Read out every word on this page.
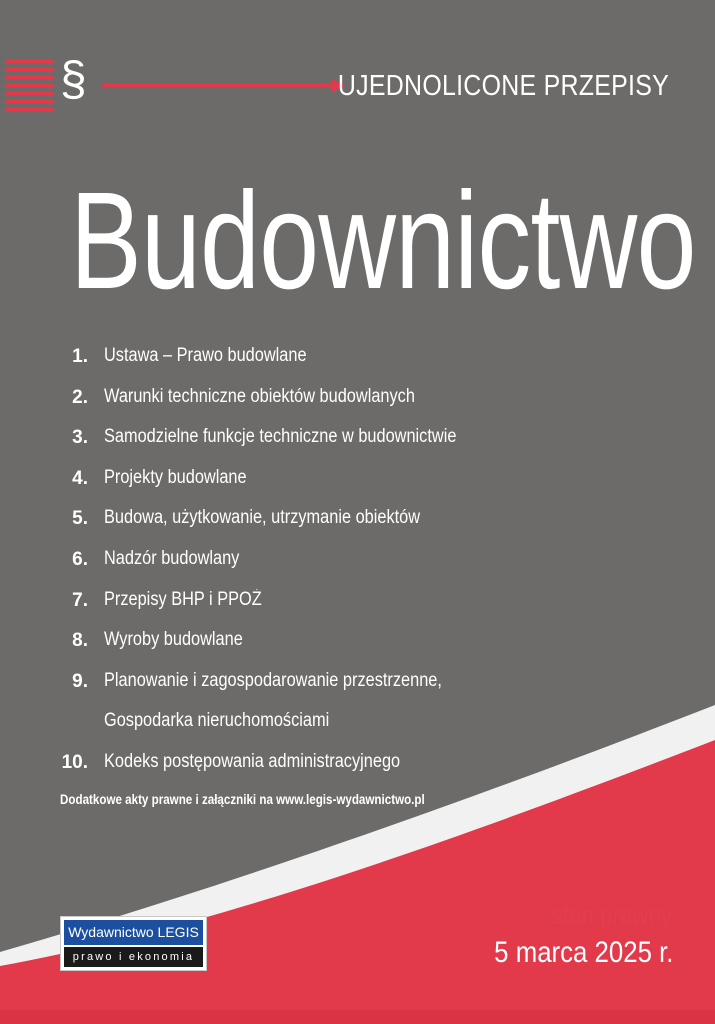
§	UJEDNOLICONE PRZEPISY
Budownictwo
1. Ustawa – Prawo budowlane
2. Warunki techniczne obiektów budowlanych
3. Samodzielne funkcje techniczne w budownictwie
4. Projekty budowlane
5. Budowa, użytkowanie, utrzymanie obiektów
6. Nadzór budowlany
7. Przepisy BHP i PPOŻ
8. Wyroby budowlane
9. Planowanie i zagospodarowanie przestrzenne,
Gospodarka nieruchomościami
10. Kodeks postępowania administracyjnego
Dodatkowe akty prawne i załączniki na www.legis-wydawnictwo.pl
Wydawnictwo LEGIS
prawo i ekonomia
stan prawny
5 marca 2025 r.
